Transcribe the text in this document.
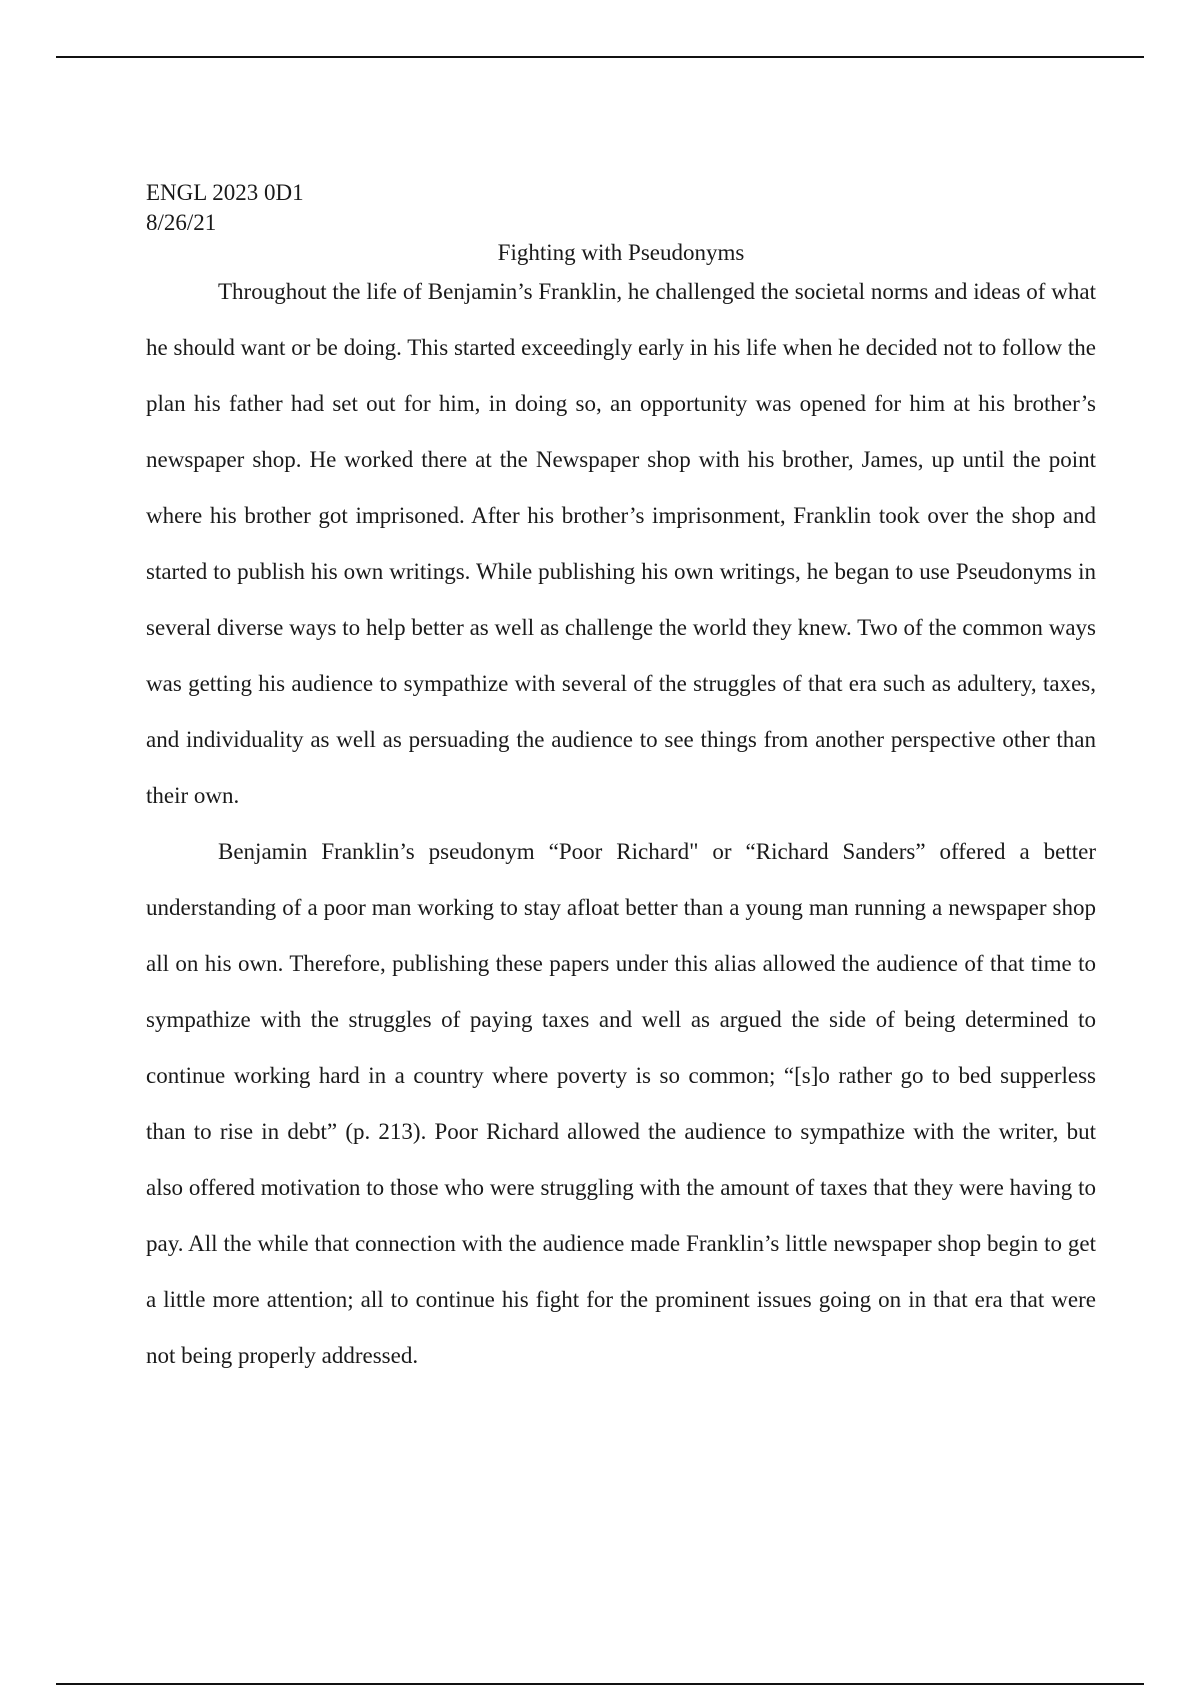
ENGL 2023 0D1
8/26/21
Fighting with Pseudonyms

Throughout the life of Benjamin’s Franklin, he challenged the societal norms and ideas of what he should want or be doing. This started exceedingly early in his life when he decided not to follow the plan his father had set out for him, in doing so, an opportunity was opened for him at his brother’s newspaper shop. He worked there at the Newspaper shop with his brother, James, up until the point where his brother got imprisoned. After his brother’s imprisonment, Franklin took over the shop and started to publish his own writings. While publishing his own writings, he began to use Pseudonyms in several diverse ways to help better as well as challenge the world they knew. Two of the common ways was getting his audience to sympathize with several of the struggles of that era such as adultery, taxes, and individuality as well as persuading the audience to see things from another perspective other than their own.

Benjamin Franklin’s pseudonym “Poor Richard" or “Richard Sanders” offered a better understanding of a poor man working to stay afloat better than a young man running a newspaper shop all on his own. Therefore, publishing these papers under this alias allowed the audience of that time to sympathize with the struggles of paying taxes and well as argued the side of being determined to continue working hard in a country where poverty is so common; “[s]o rather go to bed supperless than to rise in debt” (p. 213). Poor Richard allowed the audience to sympathize with the writer, but also offered motivation to those who were struggling with the amount of taxes that they were having to pay. All the while that connection with the audience made Franklin’s little newspaper shop begin to get a little more attention; all to continue his fight for the prominent issues going on in that era that were not being properly addressed.
